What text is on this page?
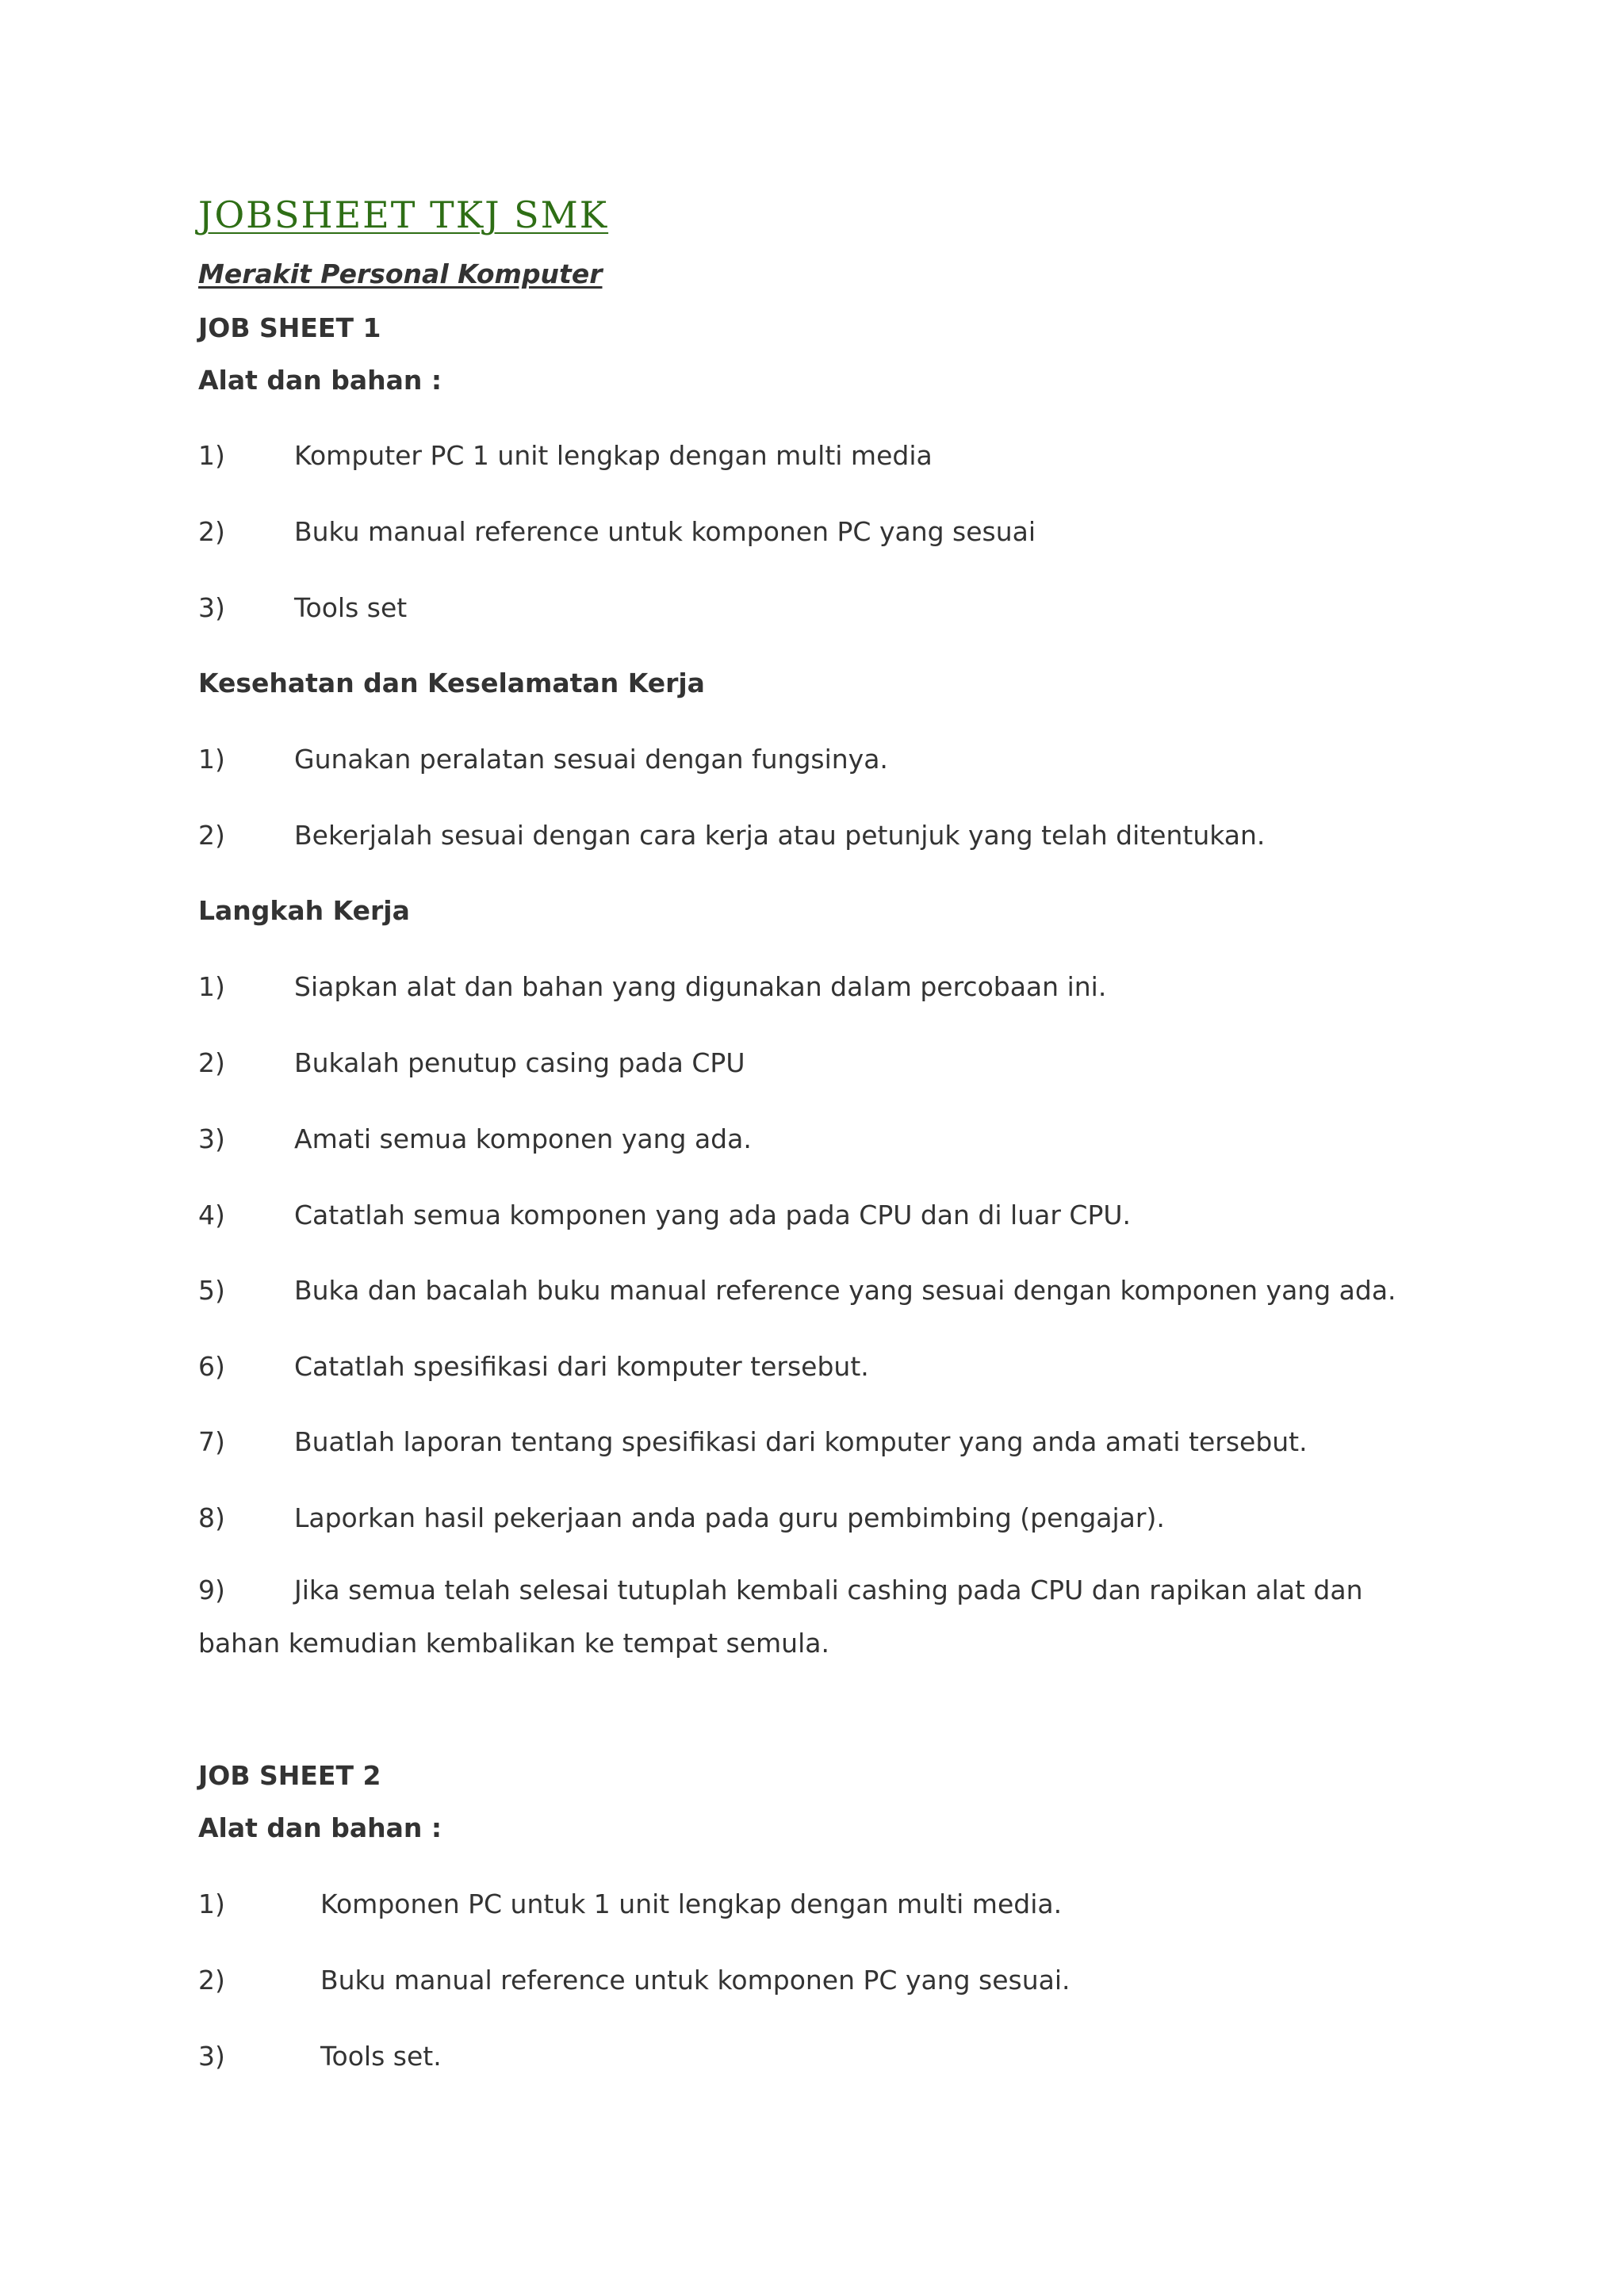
JOBSHEET TKJ SMK

Merakit Personal Komputer

JOB SHEET 1

Alat dan bahan :

1)	Komputer PC 1 unit lengkap dengan multi media
2)	Buku manual reference untuk komponen PC yang sesuai
3)	Tools set

Kesehatan dan Keselamatan Kerja

1)	Gunakan peralatan sesuai dengan fungsinya.
2)	Bekerjalah sesuai dengan cara kerja atau petunjuk yang telah ditentukan.

Langkah Kerja

1)	Siapkan alat dan bahan yang digunakan dalam percobaan ini.
2)	Bukalah penutup casing pada CPU
3)	Amati semua komponen yang ada.
4)	Catatlah semua komponen yang ada pada CPU dan di luar CPU.
5)	Buka dan bacalah buku manual reference yang sesuai dengan komponen yang ada.
6)	Catatlah spesifikasi dari komputer tersebut.
7)	Buatlah laporan tentang spesifikasi dari komputer yang anda amati tersebut.
8)	Laporkan hasil pekerjaan anda pada guru pembimbing (pengajar).
9)	Jika semua telah selesai tutuplah kembali cashing pada CPU dan rapikan alat dan bahan kemudian kembalikan ke tempat semula.

JOB SHEET 2

Alat dan bahan :

1)	Komponen PC untuk 1 unit lengkap dengan multi media.
2)	Buku manual reference untuk komponen PC yang sesuai.
3)	Tools set.
